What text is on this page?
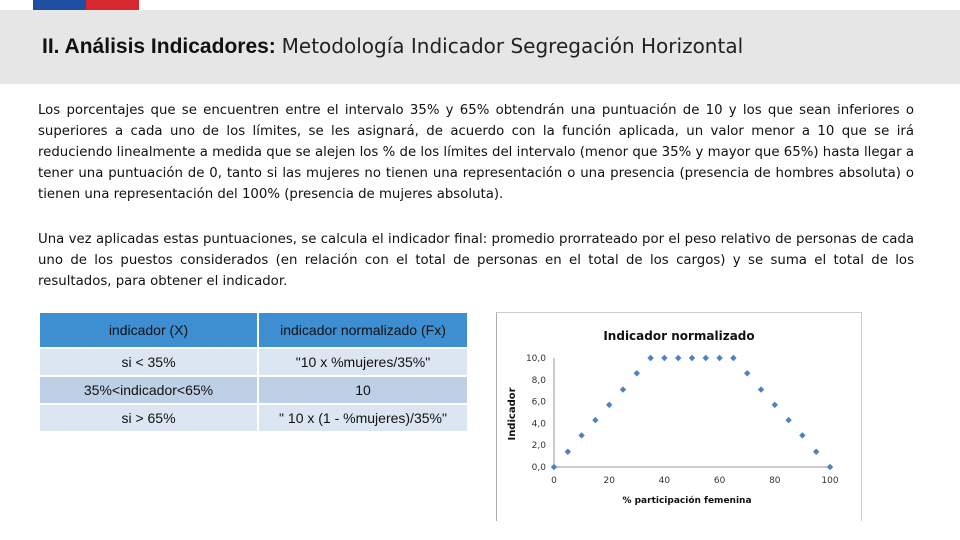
II. Análisis Indicadores: Metodología Indicador Segregación Horizontal
Los porcentajes que se encuentren entre el intervalo 35% y 65% obtendrán una puntuación de 10 y los que sean inferiores o superiores a cada uno de los límites, se les asignará, de acuerdo con la función aplicada, un valor menor a 10 que se irá reduciendo linealmente a medida que se alejen los % de los límites del intervalo (menor que 35% y mayor que 65%) hasta llegar a tener una puntuación de 0, tanto si las mujeres no tienen una representación o una presencia (presencia de hombres absoluta) o tienen una representación del 100% (presencia de mujeres absoluta).
Una vez aplicadas estas puntuaciones, se calcula el indicador final: promedio prorrateado por el peso relativo de personas de cada uno de los puestos considerados (en relación con el total de personas en el total de los cargos) y se suma el total de los resultados, para obtener el indicador.
indicador (X)	indicador normalizado (Fx)
si < 35%	"10 x %mujeres/35%"
35%<indicador<65%	10
si > 65%	" 10 x (1 - %mujeres)/35%"
Indicador normalizado
Indicador
% participación femenina
0,0
2,0
4,0
6,0
8,0
10,0
0	20	40	60	80	100
